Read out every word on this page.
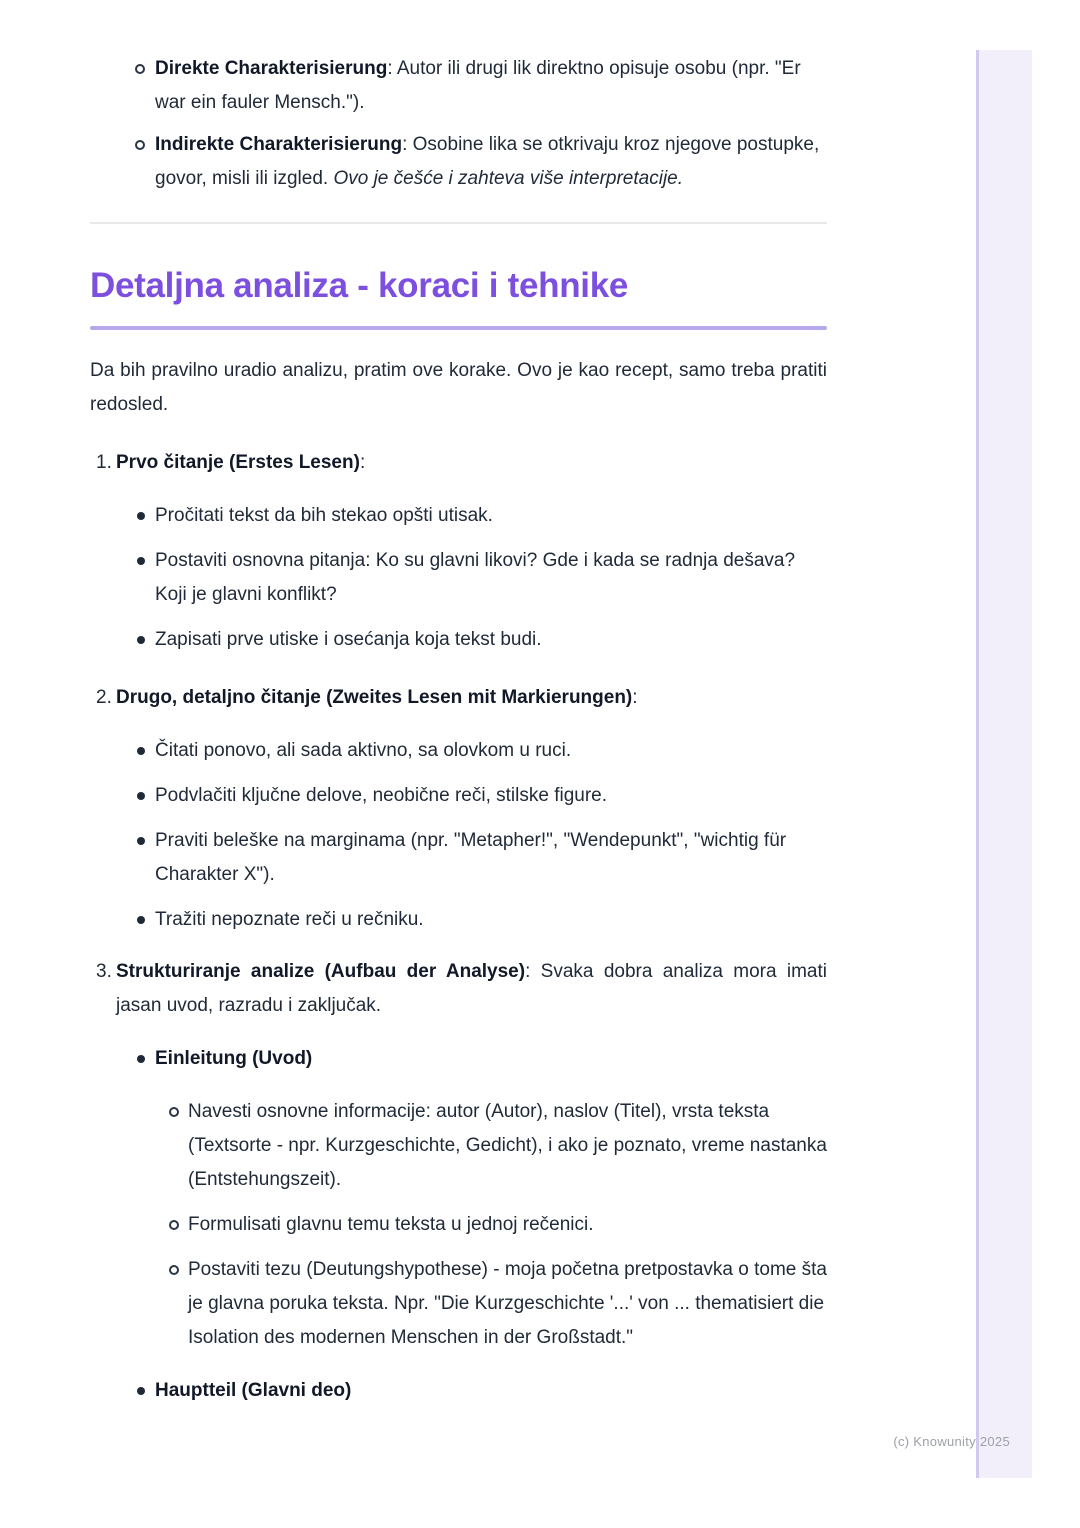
Direkte Charakterisierung: Autor ili drugi lik direktno opisuje osobu (npr. "Er war ein fauler Mensch.").
Indirekte Charakterisierung: Osobine lika se otkrivaju kroz njegove postupke, govor, misli ili izgled. Ovo je češće i zahteva više interpretacije.
Detaljna analiza - koraci i tehnike

Da bih pravilno uradio analizu, pratim ove korake. Ovo je kao recept, samo treba pratiti redosled.

1. Prvo čitanje (Erstes Lesen):

Pročitati tekst da bih stekao opšti utisak.
Postaviti osnovna pitanja: Ko su glavni likovi? Gde i kada se radnja dešava? Koji je glavni konflikt?
Zapisati prve utiske i osećanja koja tekst budi.
2. Drugo, detaljno čitanje (Zweites Lesen mit Markierungen):

Čitati ponovo, ali sada aktivno, sa olovkom u ruci.
Podvlačiti ključne delove, neobične reči, stilske figure.
Praviti beleške na marginama (npr. "Metapher!", "Wendepunkt", "wichtig für Charakter X").
Tražiti nepoznate reči u rečniku.
3. Strukturiranje analize (Aufbau der Analyse): Svaka dobra analiza mora imati jasan uvod, razradu i zaključak.

Einleitung (Uvod)
Navesti osnovne informacije: autor (Autor), naslov (Titel), vrsta teksta (Textsorte - npr. Kurzgeschichte, Gedicht), i ako je poznato, vreme nastanka (Entstehungszeit).
Formulisati glavnu temu teksta u jednoj rečenici.
Postaviti tezu (Deutungshypothese) - moja početna pretpostavka o tome šta je glavna poruka teksta. Npr. "Die Kurzgeschichte '...' von ... thematisiert die Isolation des modernen Menschen in der Großstadt."
Hauptteil (Glavni deo)
(c) Knowunity 2025
